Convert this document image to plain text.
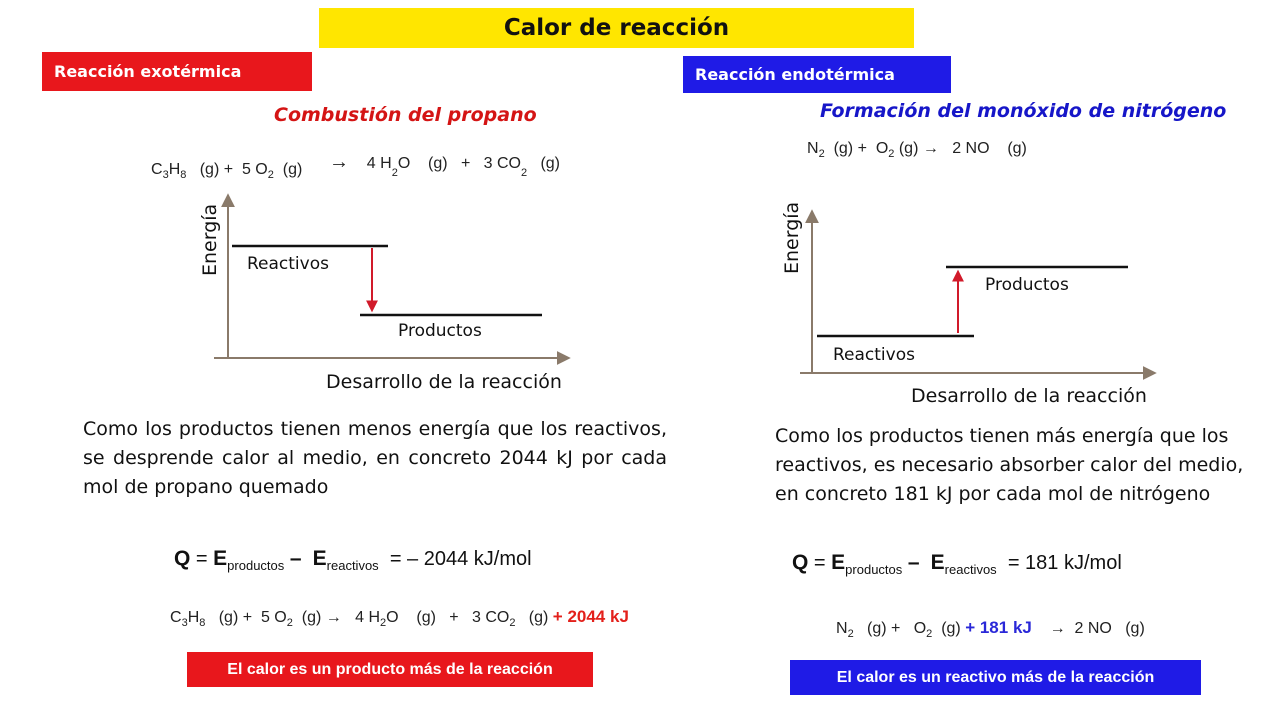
Calor de reacción
Reacción exotérmica	Reacción endotérmica
Combustión del propano	Formación del monóxido de nitrógeno
$C_3H_8$ (g) + 5 $O_2$ (g) → 4 $H_2O$ (g) + 3 $CO_2$   (g)
$N_2$ $(g) + O_2$ (g) → 2 NO (g)
Energía Reactivos
Productos
Desarrollo de la reacción
Energía
Productos
Reactivos
Desarrollo de la reacción
Como los productos tienen menos energía que los reactivos, se desprende calor al medio, en concreto 2044 kJ por cada mol de propano quemado
Como los productos tienen más energía que los reactivos, es necesario absorber calor del medio, en concreto 181 kJ por cada mol de nitrógeno
$Q = E_{productos} - E_{reactivos}$ = – 2044 kJ/mol	$Q = E_{productos} - E_{reactivos} = 181$ kJ/mol
$C_3H_8$ (g) + 5 $O_2$ (g) → 4 $H_2O$ (g) + 3 $CO_2$ (g) + 2044 kJ
$N_2$ $(g) + O_2$ (g) + 181 kJ → 2 NO (g)
El calor es un producto más de la reacción	El calor es un reactivo más de la reacción
